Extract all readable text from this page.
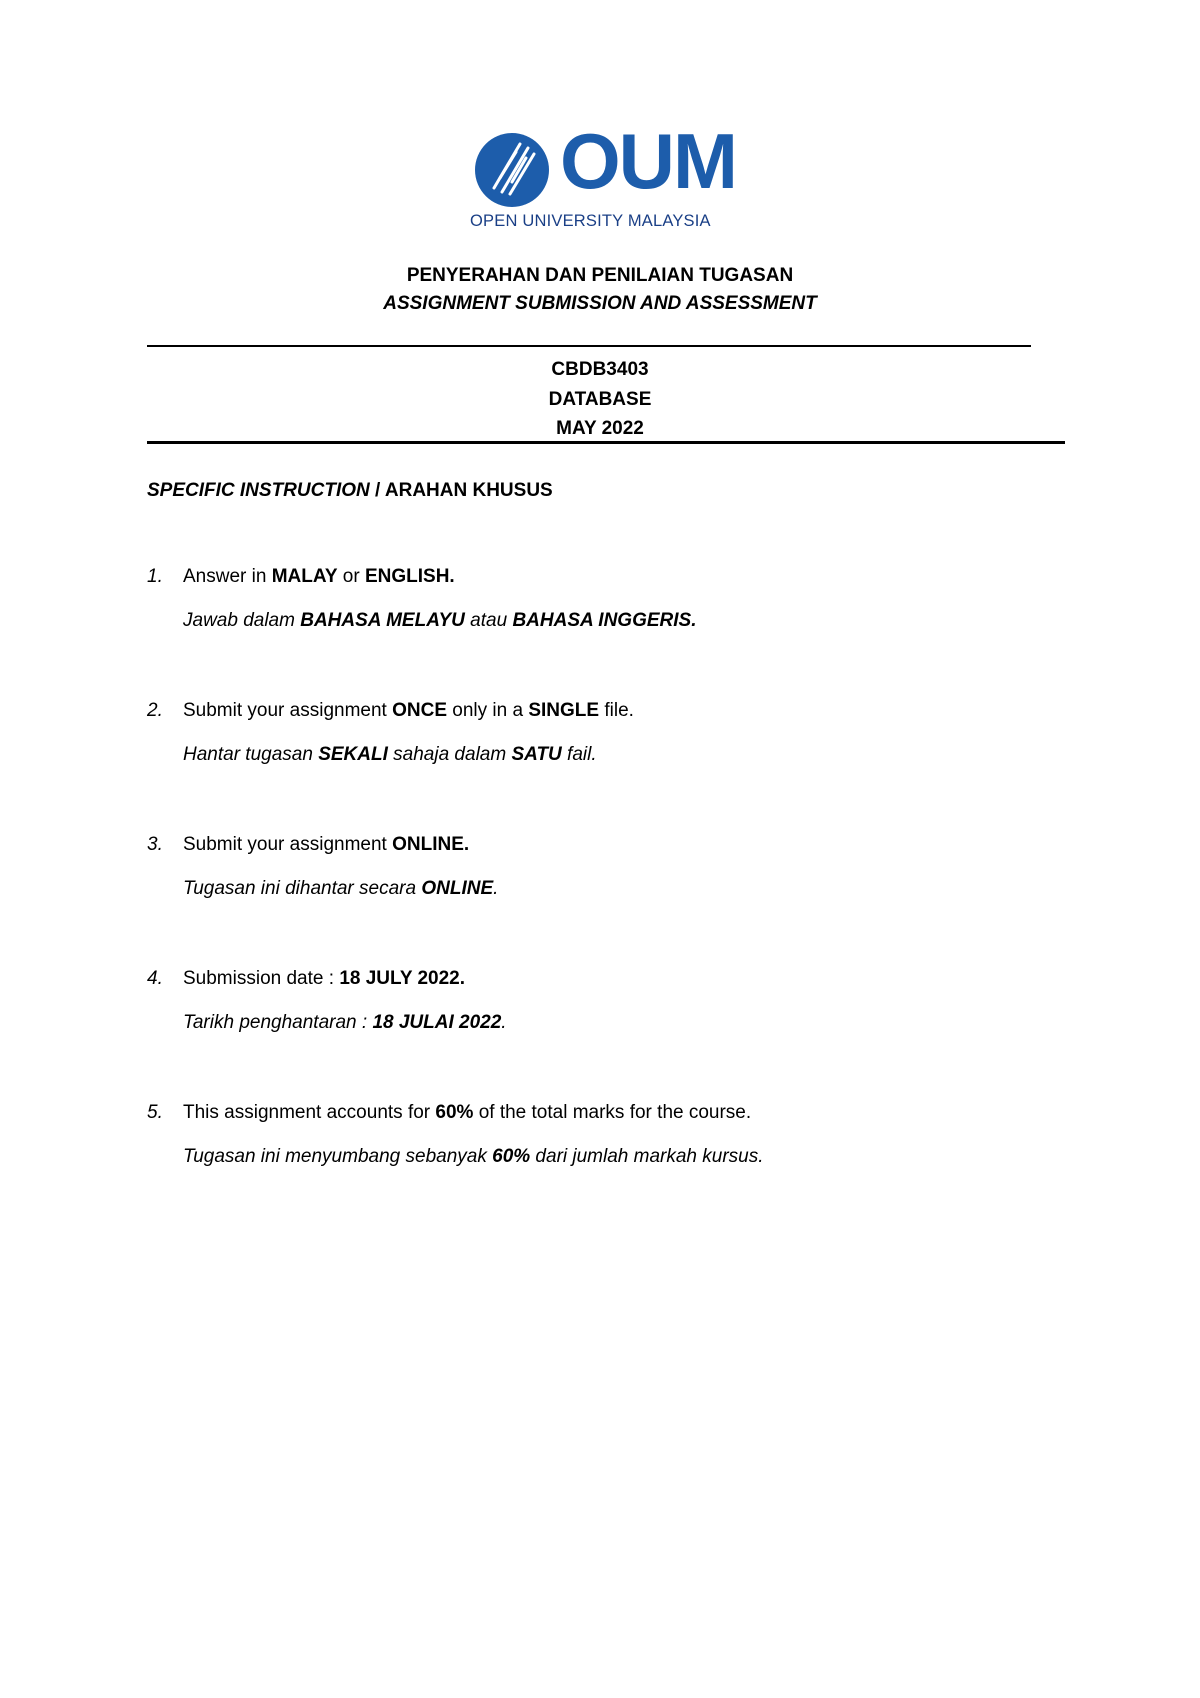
OUM
OPEN UNIVERSITY MALAYSIA
PENYERAHAN DAN PENILAIAN TUGASAN
ASSIGNMENT SUBMISSION AND ASSESSMENT
CBDB3403
DATABASE
MAY 2022
SPECIFIC INSTRUCTION / ARAHAN KHUSUS
1. Answer in MALAY or ENGLISH.
Jawab dalam BAHASA MELAYU atau BAHASA INGGERIS.
2. Submit your assignment ONCE only in a SINGLE file.
Hantar tugasan SEKALI sahaja dalam SATU fail.
3. Submit your assignment ONLINE.
Tugasan ini dihantar secara ONLINE.
4. Submission date : 18 JULY 2022.
Tarikh penghantaran : 18 JULAI 2022.
5. This assignment accounts for 60% of the total marks for the course.
Tugasan ini menyumbang sebanyak 60% dari jumlah markah kursus.
